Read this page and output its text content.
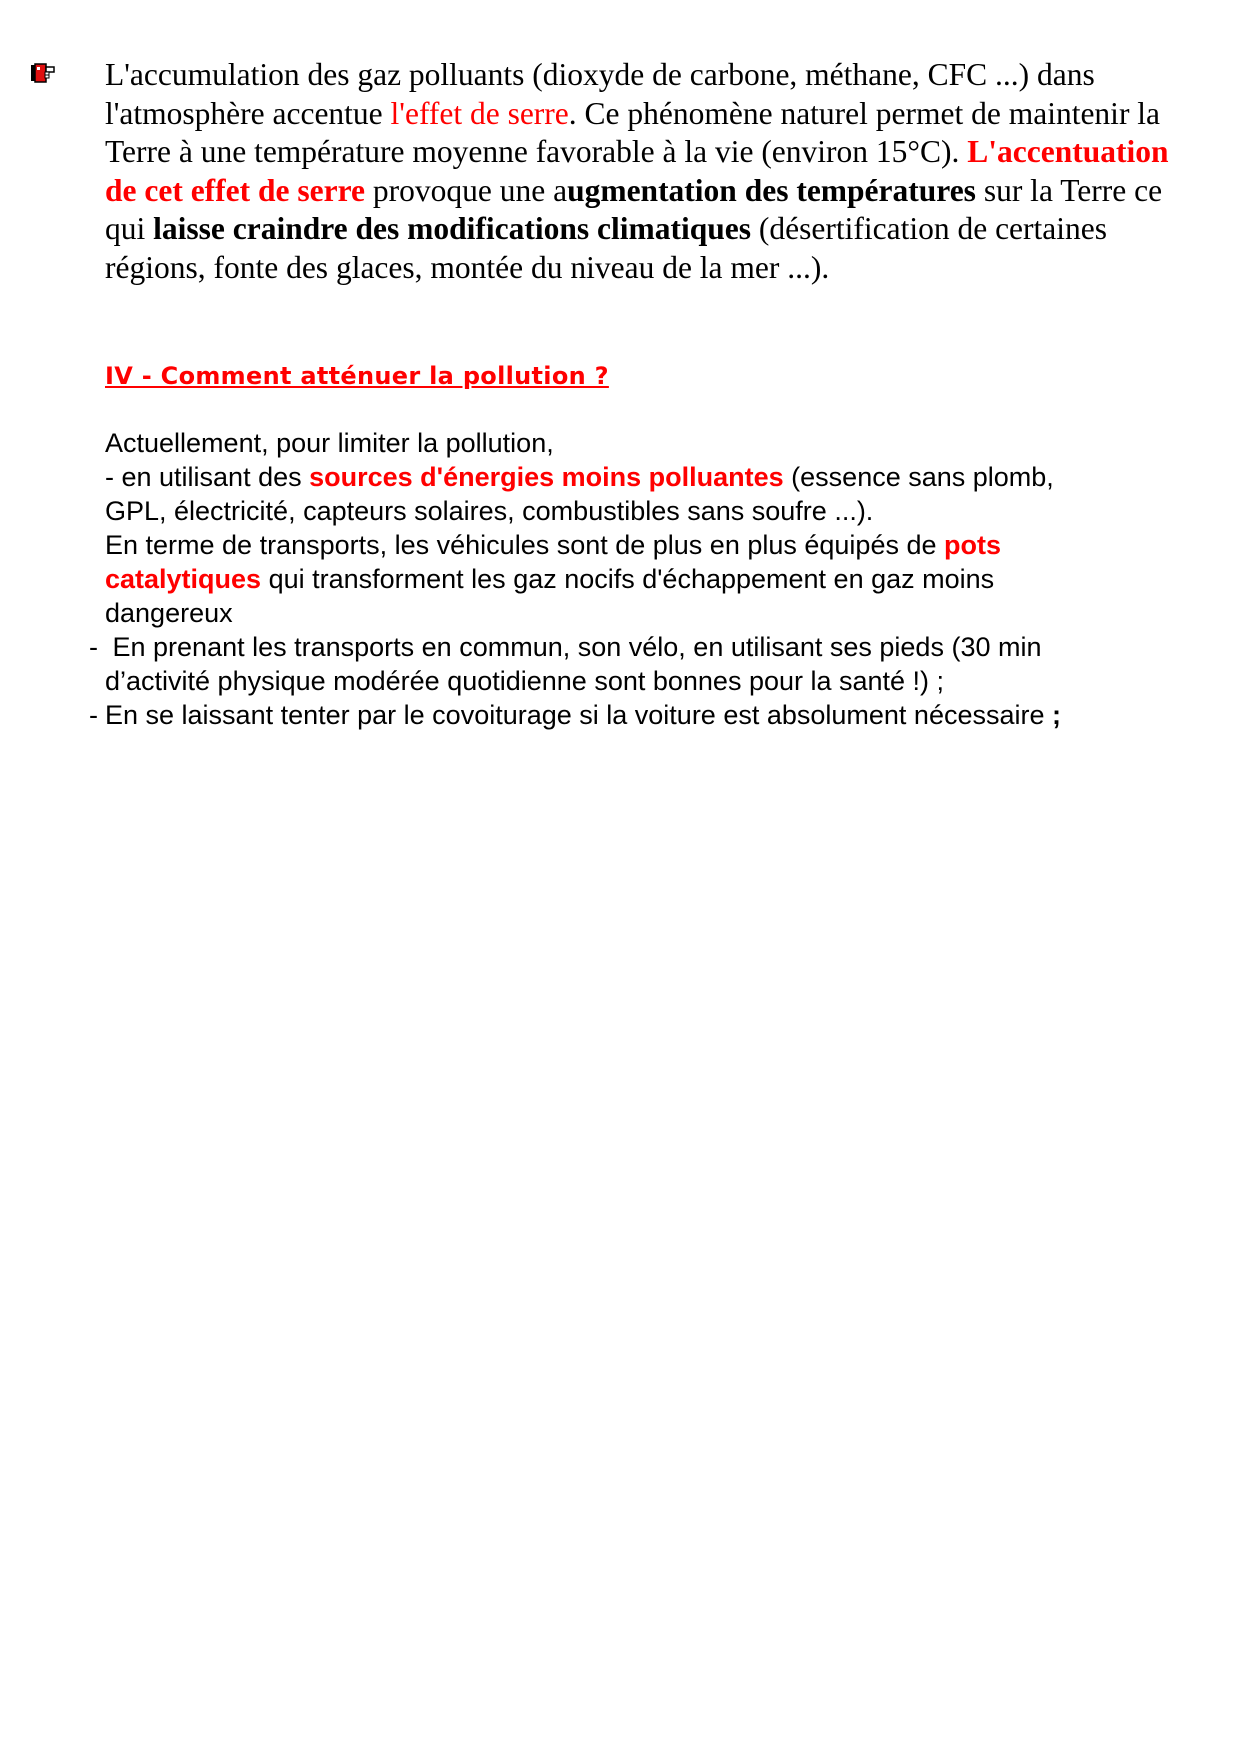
L'accumulation des gaz polluants (dioxyde de carbone, méthane, CFC ...) dans l'atmosphère accentue l'effet de serre. Ce phénomène naturel permet de maintenir la Terre à une température moyenne favorable à la vie (environ 15°C). L'accentuation de cet effet de serre provoque une augmentation des températures sur la Terre ce qui laisse craindre des modifications climatiques (désertification de certaines régions, fonte des glaces, montée du niveau de la mer ...).

IV - Comment atténuer la pollution ?
Actuellement, pour limiter la pollution,
- en utilisant des sources d'énergies moins polluantes (essence sans plomb,
GPL, électricité, capteurs solaires, combustibles sans soufre ...).
En terme de transports, les véhicules sont de plus en plus équipés de pots
catalytiques qui transforment les gaz nocifs d'échappement en gaz moins
dangereux
- En prenant les transports en commun, son vélo, en utilisant ses pieds (30 min
d’activité physique modérée quotidienne sont bonnes pour la santé !) ;
- En se laissant tenter par le covoiturage si la voiture est absolument nécessaire ;
